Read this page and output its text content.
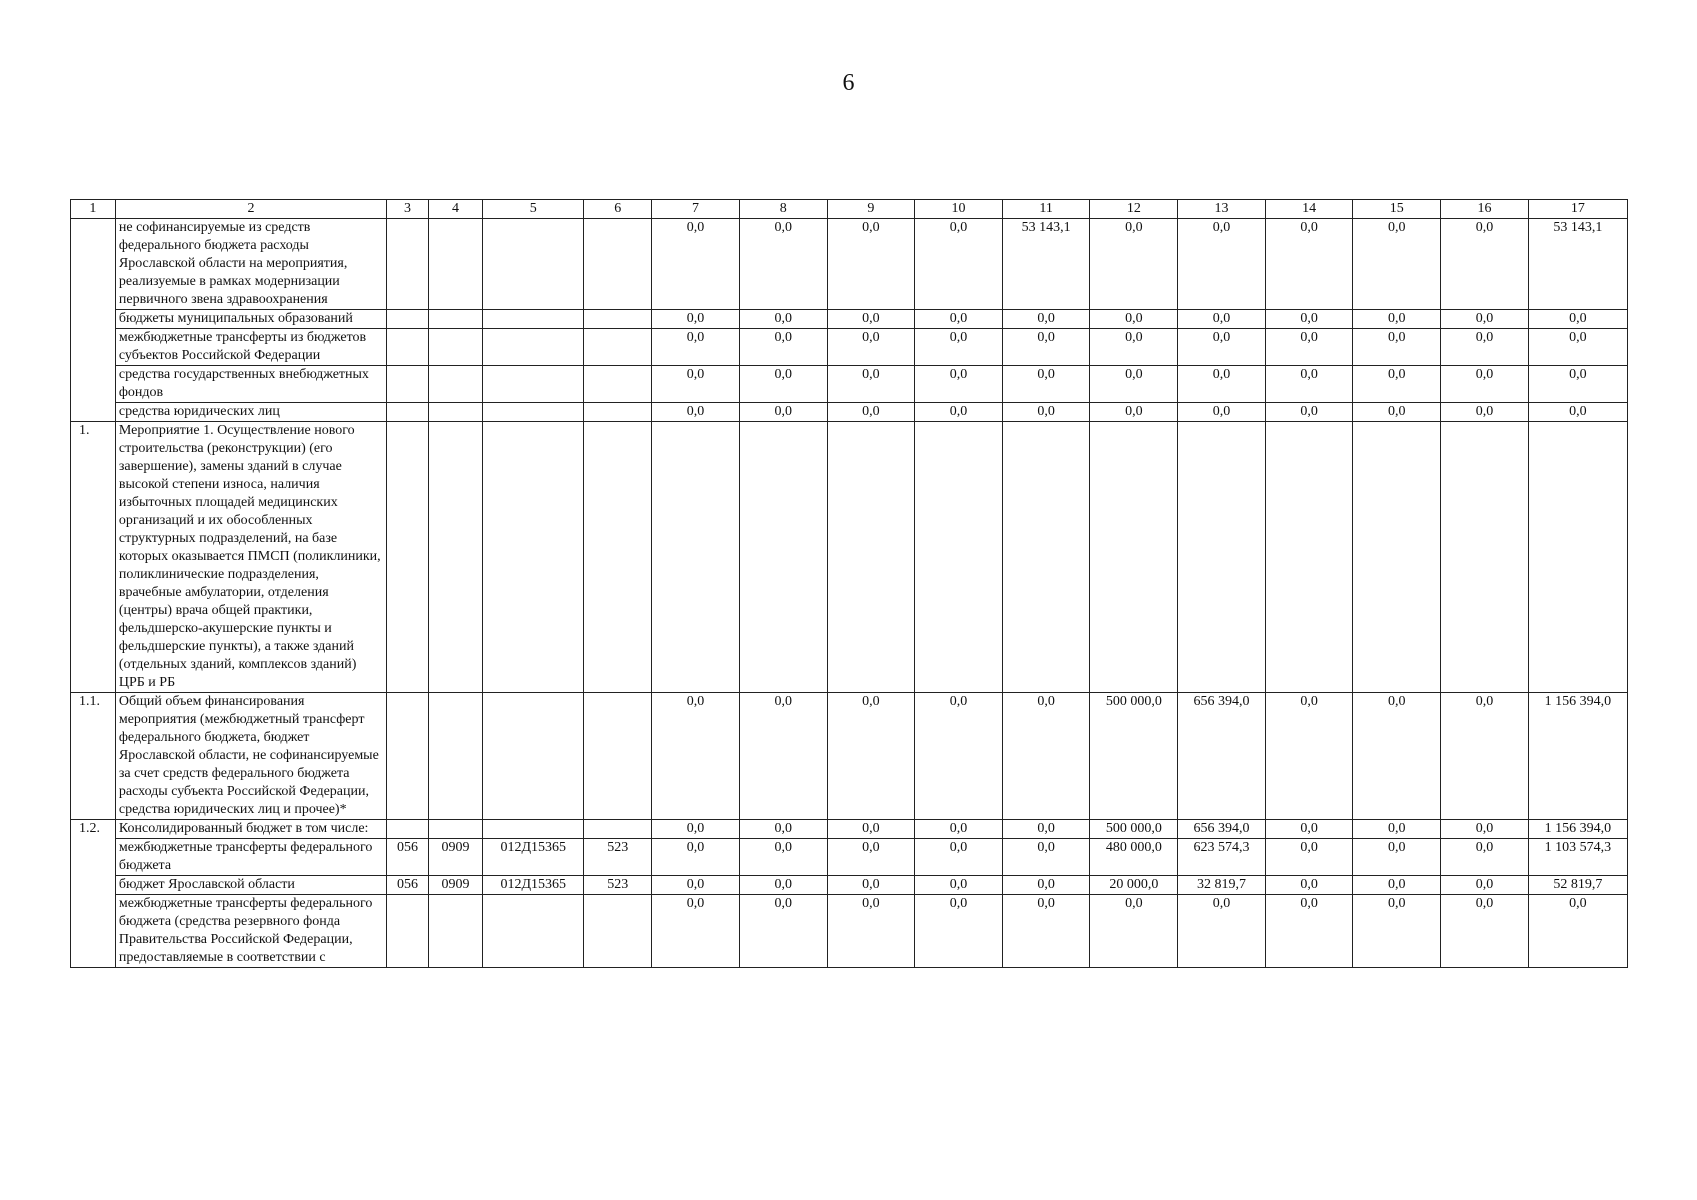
6
1	2	3	4	5	6	7	8	9	10	11	12	13	14	15	16	17
	не софинансируемые из средств федерального бюджета расходы Ярославской области на мероприятия, реализуемые в рамках модернизации первичного звена здравоохранения					0,0	0,0	0,0	0,0	53 143,1	0,0	0,0	0,0	0,0	0,0	53 143,1
	бюджеты муниципальных образований					0,0	0,0	0,0	0,0	0,0	0,0	0,0	0,0	0,0	0,0	0,0
	межбюджетные трансферты из бюджетов субъектов Российской Федерации					0,0	0,0	0,0	0,0	0,0	0,0	0,0	0,0	0,0	0,0	0,0
	средства государственных внебюджетных фондов					0,0	0,0	0,0	0,0	0,0	0,0	0,0	0,0	0,0	0,0	0,0
	средства юридических лиц					0,0	0,0	0,0	0,0	0,0	0,0	0,0	0,0	0,0	0,0	0,0
1.	Мероприятие 1. Осуществление нового строительства (реконструкции) (его завершение), замены зданий в случае высокой степени износа, наличия избыточных площадей медицинских организаций и их обособленных структурных подразделений, на базе которых оказывается ПМСП (поликлиники, поликлинические подразделения, врачебные амбулатории, отделения (центры) врача общей практики, фельдшерско-акушерские пункты и фельдшерские пункты), а также зданий (отдельных зданий, комплексов зданий) ЦРБ и РБ															
1.1.	Общий объем финансирования мероприятия (межбюджетный трансферт федерального бюджета, бюджет Ярославской области, не софинансируемые за счет средств федерального бюджета расходы субъекта Российской Федерации, средства юридических лиц и прочее)*					0,0	0,0	0,0	0,0	0,0	500 000,0	656 394,0	0,0	0,0	0,0	1 156 394,0
1.2.	Консолидированный бюджет в том числе:					0,0	0,0	0,0	0,0	0,0	500 000,0	656 394,0	0,0	0,0	0,0	1 156 394,0
	межбюджетные трансферты федерального бюджета	056	0909	012Д15365	523	0,0	0,0	0,0	0,0	0,0	480 000,0	623 574,3	0,0	0,0	0,0	1 103 574,3
	бюджет Ярославской области	056	0909	012Д15365	523	0,0	0,0	0,0	0,0	0,0	20 000,0	32 819,7	0,0	0,0	0,0	52 819,7
	межбюджетные трансферты федерального бюджета (средства резервного фонда Правительства Российской Федерации, предоставляемые в соответствии с					0,0	0,0	0,0	0,0	0,0	0,0	0,0	0,0	0,0	0,0	0,0
